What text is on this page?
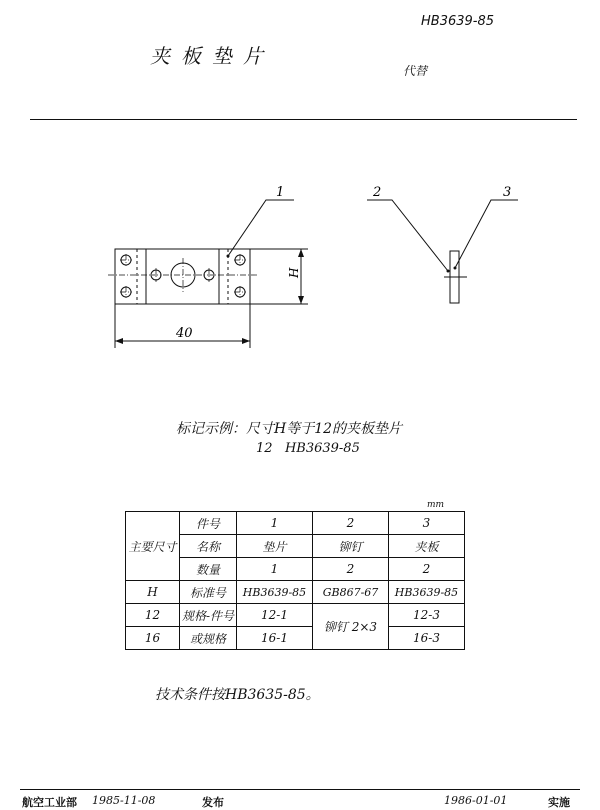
HB3639-85
夹板垫片
代替
1	2	3
40
H
标记示例：尺寸H等于12的夹板垫片
12   HB3639-85
mm
主要尺寸	件号	1	2	3
	名称	垫片	铆钉	夹板
	数量	1	2	2
H	标准号	HB3639-85	GB867-67	HB3639-85
12	规格-件号	12-1	铆钉 2×3	12-3
16	或规格	16-1		16-3
技术条件按HB3635-85。
航空工业部 1985-11-08	发布	1986-01-01	实施
